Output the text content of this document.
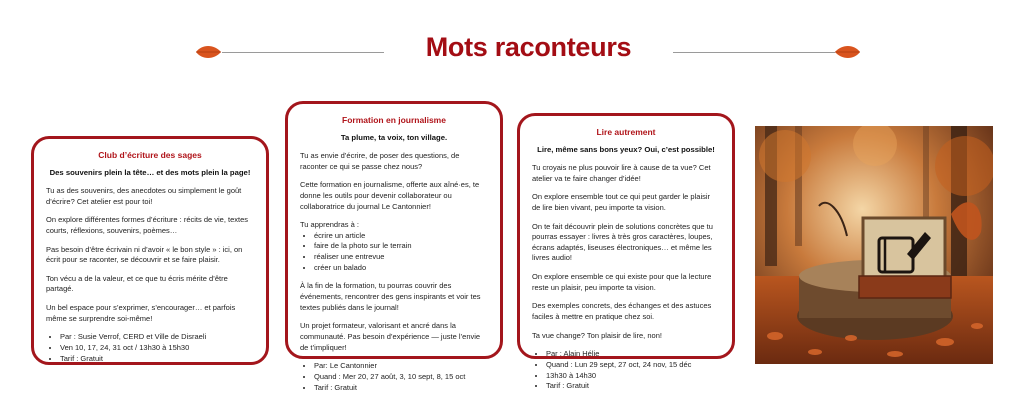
Mots raconteurs
Club d’écriture des sages
Des souvenirs plein la tête… et des mots plein la page!

Tu as des souvenirs, des anecdotes ou simplement le goût d’écrire? Cet atelier est pour toi!

On explore différentes formes d’écriture : récits de vie, textes courts, réflexions, souvenirs, poèmes…

Pas besoin d’être écrivain ni d’avoir « le bon style » : ici, on écrit pour se raconter, se découvrir et se faire plaisir.

Ton vécu a de la valeur, et ce que tu écris mérite d’être partagé.

Un bel espace pour s’exprimer, s’encourager… et parfois même se surprendre soi-même!

• Par : Susie Verrof, CERD et Ville de Disraeli
• Ven 10, 17, 24, 31 oct / 13h30 à 15h30
• Tarif : Gratuit
Formation en journalisme
Ta plume, ta voix, ton village.

Tu as envie d’écrire, de poser des questions, de raconter ce qui se passe chez nous?

Cette formation en journalisme, offerte aux aîné·es, te donne les outils pour devenir collaborateur ou collaboratrice du journal Le Cantonnier!

Tu apprendras à :

• écrire un article
• faire de la photo sur le terrain
• réaliser une entrevue
• créer un balado

À la fin de la formation, tu pourras couvrir des événements, rencontrer des gens inspirants et voir tes textes publiés dans le journal!

Un projet formateur, valorisant et ancré dans la communauté. Pas besoin d’expérience — juste l’envie de t’impliquer!

• Par: Le Cantonnier
• Quand : Mer 20, 27 août, 3, 10 sept, 8, 15 oct
• Tarif : Gratuit
Lire autrement
Lire, même sans bons yeux? Oui, c’est possible!

Tu croyais ne plus pouvoir lire à cause de ta vue? Cet atelier va te faire changer d’idée!

On explore ensemble tout ce qui peut garder le plaisir de lire bien vivant, peu importe ta vision.

On te fait découvrir plein de solutions concrètes que tu pourras essayer : livres à très gros caractères, loupes, écrans adaptés, liseuses électroniques… et même les livres audio!

On explore ensemble ce qui existe pour que la lecture reste un plaisir, peu importe ta vision.

Des exemples concrets, des échanges et des astuces faciles à mettre en pratique chez soi.

Ta vue change? Ton plaisir de lire, non!

• Par : Alain Hélie
• Quand : Lun 29 sept, 27 oct, 24 nov, 15 déc
• 13h30 à 14h30
• Tarif : Gratuit
